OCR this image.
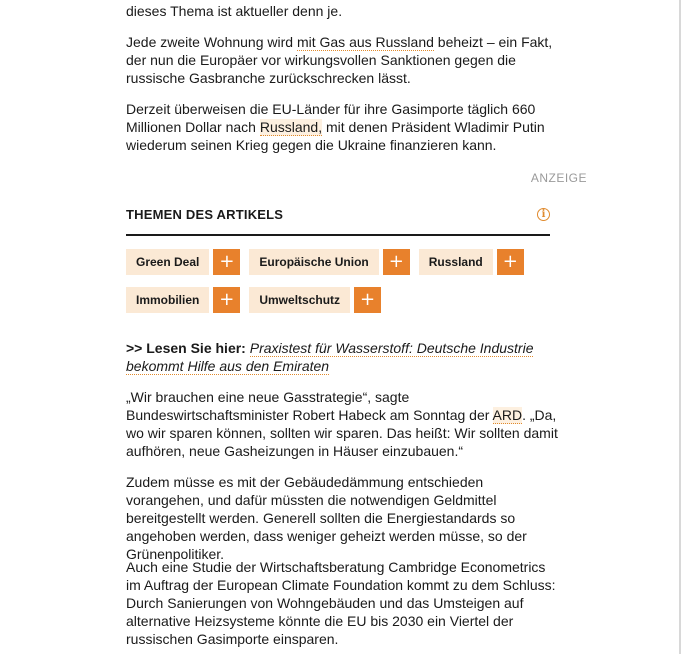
dieses Thema ist aktueller denn je.

Jede zweite Wohnung wird mit Gas aus Russland beheizt – ein Fakt, der nun die Europäer vor wirkungsvollen Sanktionen gegen die russische Gasbranche zurückschrecken lässt.

Derzeit überweisen die EU-Länder für ihre Gasimporte täglich 660 Millionen Dollar nach Russland, mit denen Präsident Wladimir Putin wiederum seinen Krieg gegen die Ukraine finanzieren kann.

ANZEIGE
THEMEN DES ARTIKELS	i
Green Deal	+	Europäische Union	+	Russland	+
Immobilien	+	Umweltschutz	+

>> Lesen Sie hier: Praxistest für Wasserstoff: Deutsche Industrie bekommt Hilfe aus den Emiraten

„Wir brauchen eine neue Gasstrategie“, sagte Bundeswirtschaftsminister Robert Habeck am Sonntag der ARD. „Da, wo wir sparen können, sollten wir sparen. Das heißt: Wir sollten damit aufhören, neue Gasheizungen in Häuser einzubauen.“

Zudem müsse es mit der Gebäudedämmung entschieden vorangehen, und dafür müssten die notwendigen Geldmittel bereitgestellt werden. Generell sollten die Energiestandards so angehoben werden, dass weniger geheizt werden müsse, so der Grünenpolitiker.

Auch eine Studie der Wirtschaftsberatung Cambridge Econometrics im Auftrag der European Climate Foundation kommt zu dem Schluss: Durch Sanierungen von Wohngebäuden und das Umsteigen auf alternative Heizsysteme könnte die EU bis 2030 ein Viertel der russischen Gasimporte einsparen.
